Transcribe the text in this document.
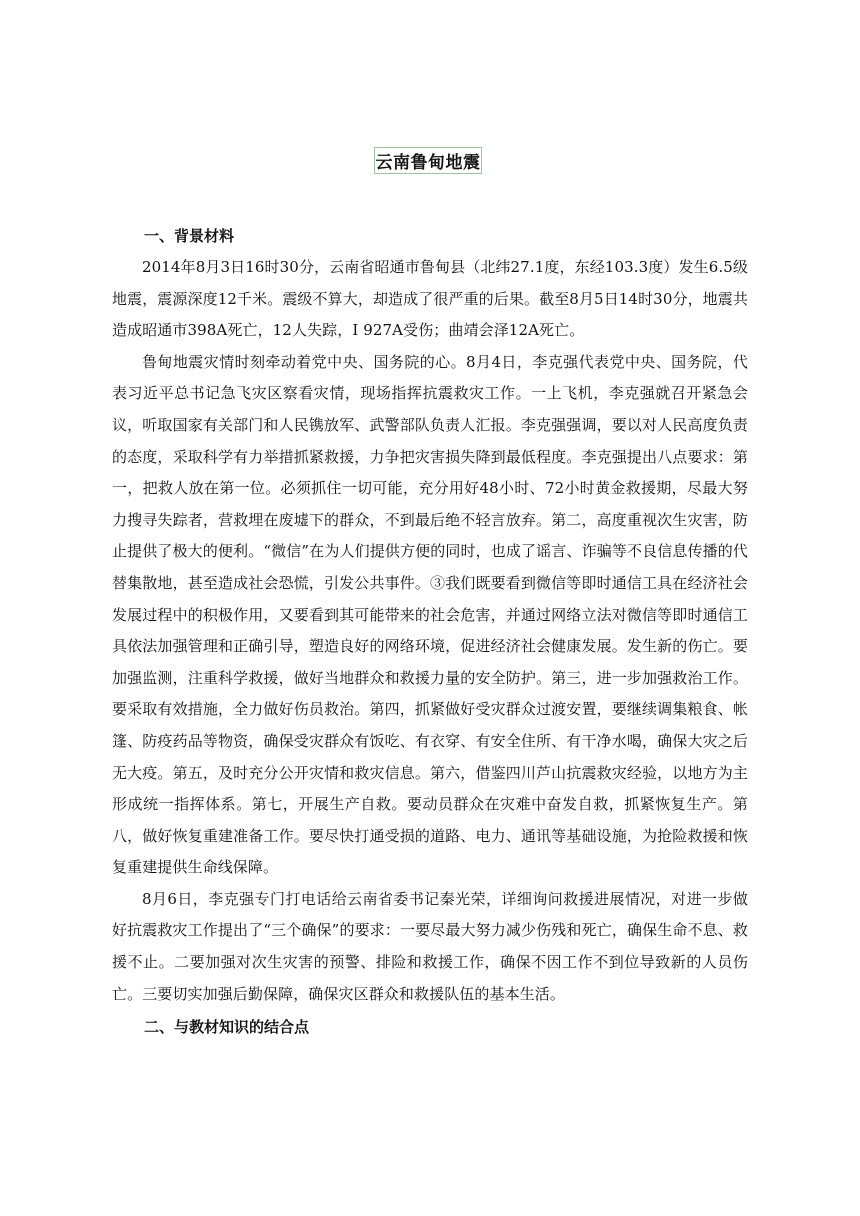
云南鲁甸地震

一、背景材料

2014年8月3日16时30分，云南省昭通市鲁甸县（北纬27.1度，东经103.3度）发生6.5级地震，震源深度12千米。震级不算大，却造成了很严重的后果。截至8月5日14时30分，地震共造成昭通市398A死亡，12人失踪，I 927A受伤；曲靖会泽12A死亡。

鲁甸地震灾情时刻牵动着党中央、国务院的心。8月4日，李克强代表党中央、国务院，代表习近平总书记急飞灾区察看灾情，现场指挥抗震救灾工作。一上飞机，李克强就召开紧急会议，听取国家有关部门和人民镌放军、武警部队负责人汇报。李克强强调，要以对人民高度负责的态度，采取科学有力举措抓紧救援，力争把灾害损失降到最低程度。李克强提出八点要求：第一，把救人放在第一位。必须抓住一切可能，充分用好48小时、72小时黄金救援期，尽最大努力搜寻失踪者，营救埋在废墟下的群众，不到最后绝不轻言放弃。第二，高度重视次生灾害，防止提供了极大的便利。“微信”在为人们提供方便的同时，也成了谣言、诈骗等不良信息传播的代替集散地，甚至造成社会恐慌，引发公共事件。③我们既要看到微信等即时通信工具在经济社会发展过程中的积极作用，又要看到其可能带来的社会危害，并通过网络立法对微信等即时通信工具依法加强管理和正确引导，塑造良好的网络环境，促进经济社会健康发展。发生新的伤亡。要加强监测，注重科学救援，做好当地群众和救援力量的安全防护。第三，进一步加强救治工作。要采取有效措施，全力做好伤员救治。第四，抓紧做好受灾群众过渡安置，要继续调集粮食、帐篷、防疫药品等物资，确保受灾群众有饭吃、有衣穿、有安全住所、有干净水喝，确保大灾之后无大疫。第五，及时充分公开灾情和救灾信息。第六，借鉴四川芦山抗震救灾经验，以地方为主形成统一指挥体系。第七，开展生产自救。要动员群众在灾难中奋发自救，抓紧恢复生产。第八，做好恢复重建准备工作。要尽快打通受损的道路、电力、通讯等基础设施，为抢险救援和恢复重建提供生命线保障。

8月6日，李克强专门打电话给云南省委书记秦光荣，详细询问救援进展情况，对进一步做好抗震救灾工作提出了“三个确保”的要求：一要尽最大努力减少伤残和死亡，确保生命不息、救援不止。二要加强对次生灾害的预警、排险和救援工作，确保不因工作不到位导致新的人员伤亡。三要切实加强后勤保障，确保灾区群众和救援队伍的基本生活。

二、与教材知识的结合点
